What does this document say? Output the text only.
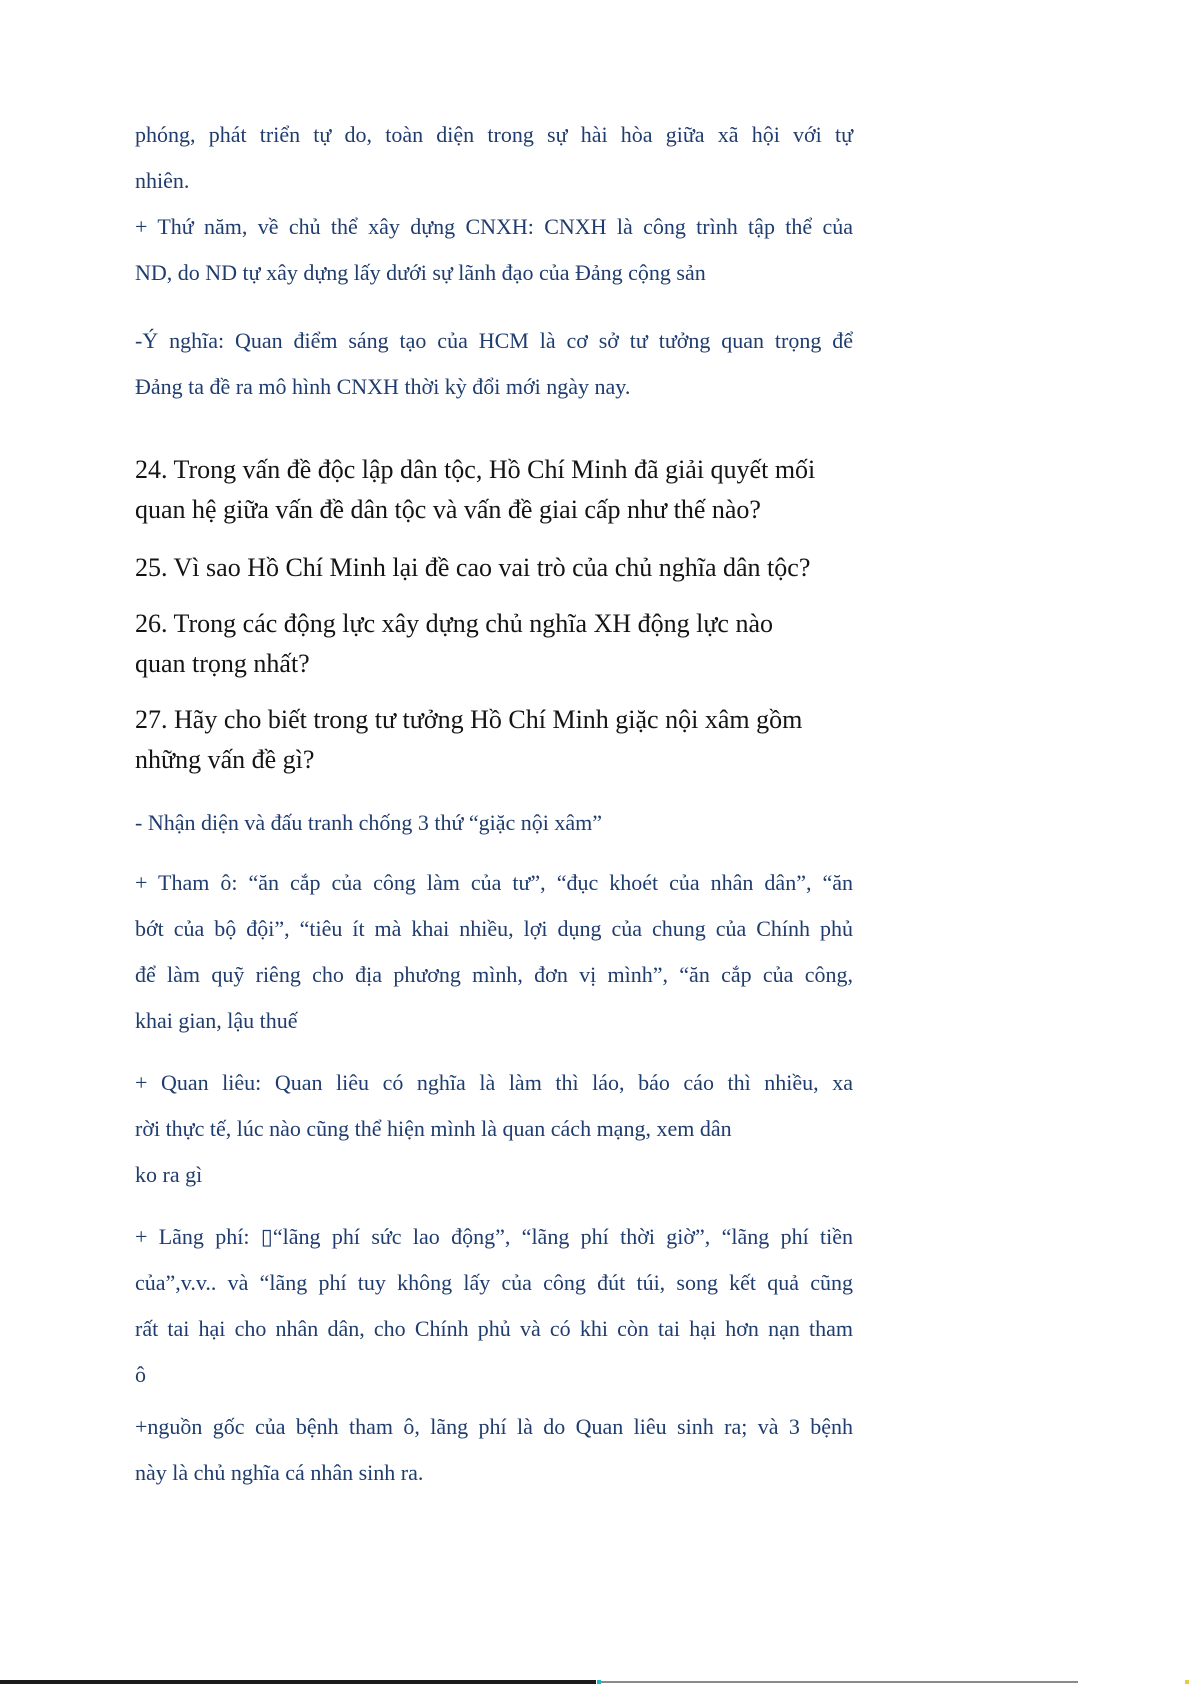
phóng, phát triển tự do, toàn diện trong sự hài hòa giữa xã hội với tự
nhiên.
+ Thứ năm, về chủ thể xây dựng CNXH: CNXH là công trình tập thể của
ND, do ND tự xây dựng lấy dưới sự lãnh đạo của Đảng cộng sản
-Ý nghĩa: Quan điểm sáng tạo của HCM là cơ sở tư tưởng quan trọng để
Đảng ta đề ra mô hình CNXH thời kỳ đổi mới ngày nay.
24. Trong vấn đề độc lập dân tộc, Hồ Chí Minh đã giải quyết mối
quan hệ giữa vấn đề dân tộc và vấn đề giai cấp như thế nào?
25. Vì sao Hồ Chí Minh lại đề cao vai trò của chủ nghĩa dân tộc?
26. Trong các động lực xây dựng chủ nghĩa XH động lực nào
quan trọng nhất?
27. Hãy cho biết trong tư tưởng Hồ Chí Minh giặc nội xâm gồm
những vấn đề gì?
- Nhận diện và đấu tranh chống 3 thứ “giặc nội xâm”
+ Tham ô: “ăn cắp của công làm của tư”, “đục khoét của nhân dân”, “ăn
bớt của bộ đội”, “tiêu ít mà khai nhiều, lợi dụng của chung của Chính phủ
để làm quỹ riêng cho địa phương mình, đơn vị mình”, “ăn cắp của công,
khai gian, lậu thuế
+ Quan liêu: Quan liêu có nghĩa là làm thì láo, báo cáo thì nhiều, xa
rời thực tế, lúc nào cũng thể hiện mình là quan cách mạng, xem dân
ko ra gì
+ Lãng phí: ▯“lãng phí sức lao động”, “lãng phí thời giờ”, “lãng phí tiền
của”,v.v.. và “lãng phí tuy không lấy của công đút túi, song kết quả cũng
rất tai hại cho nhân dân, cho Chính phủ và có khi còn tai hại hơn nạn tham
ô
+nguồn gốc của bệnh tham ô, lãng phí là do Quan liêu sinh ra; và 3 bệnh
này là chủ nghĩa cá nhân sinh ra.
